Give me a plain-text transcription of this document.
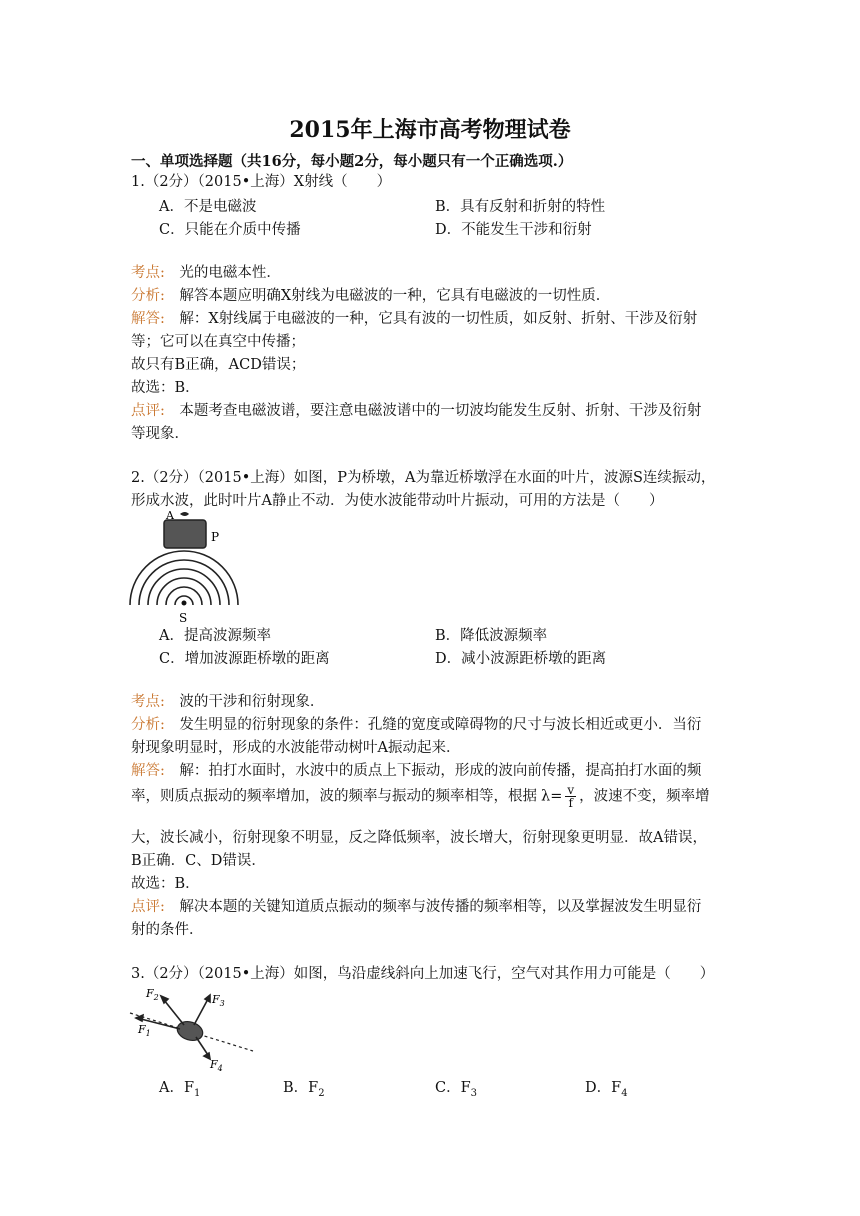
2015年上海市高考物理试卷
一、单项选择题（共16分，每小题2分，每小题只有一个正确选项.）
1.（2分）（2015•上海）X射线（　　）
A．不是电磁波	B．具有反射和折射的特性
C．只能在介质中传播	D．不能发生干涉和衍射
考点:  光的电磁本性．
分析:  解答本题应明确X射线为电磁波的一种，它具有电磁波的一切性质．
解答:  解：X射线属于电磁波的一种，它具有波的一切性质，如反射、折射、干涉及衍射
等；它可以在真空中传播；
故只有B正确，ACD错误；
故选：B．
点评:  本题考查电磁波谱，要注意电磁波谱中的一切波均能发生反射、折射、干涉及衍射
等现象．
2.（2分）（2015•上海）如图，P为桥墩，A为靠近桥墩浮在水面的叶片，波源S连续振动，
形成水波，此时叶片A静止不动．为使水波能带动叶片振动，可用的方法是（　　）
A
P
S
A．提高波源频率	B．降低波源频率
C．增加波源距桥墩的距离	D．减小波源距桥墩的距离
考点:  波的干涉和衍射现象．
分析:  发生明显的衍射现象的条件：孔缝的宽度或障碍物的尺寸与波长相近或更小．当衍
射现象明显时，形成的水波能带动树叶A振动起来．
解答:  解：拍打水面时，水波中的质点上下振动，形成的波向前传播，提高拍打水面的频
率，则质点振动的频率增加，波的频率与振动的频率相等，根据 $\lambda= \frac{v}{f}$ ，波速不变，频率增
大，波长减小，衍射现象不明显，反之降低频率，波长增大，衍射现象更明显．故A错误，
B正确．C、D错误．
故选：B．
点评:  解决本题的关键知道质点振动的频率与波传播的频率相等，以及掌握波发生明显衍
射的条件．
3.（2分）（2015•上海）如图，鸟沿虚线斜向上加速飞行，空气对其作用力可能是（　　）
$F_2$	$F_3$
$F_1$
$F_4$
A．$F_1$	B．$F_2$	C．$F_3$	D．$F_4$
